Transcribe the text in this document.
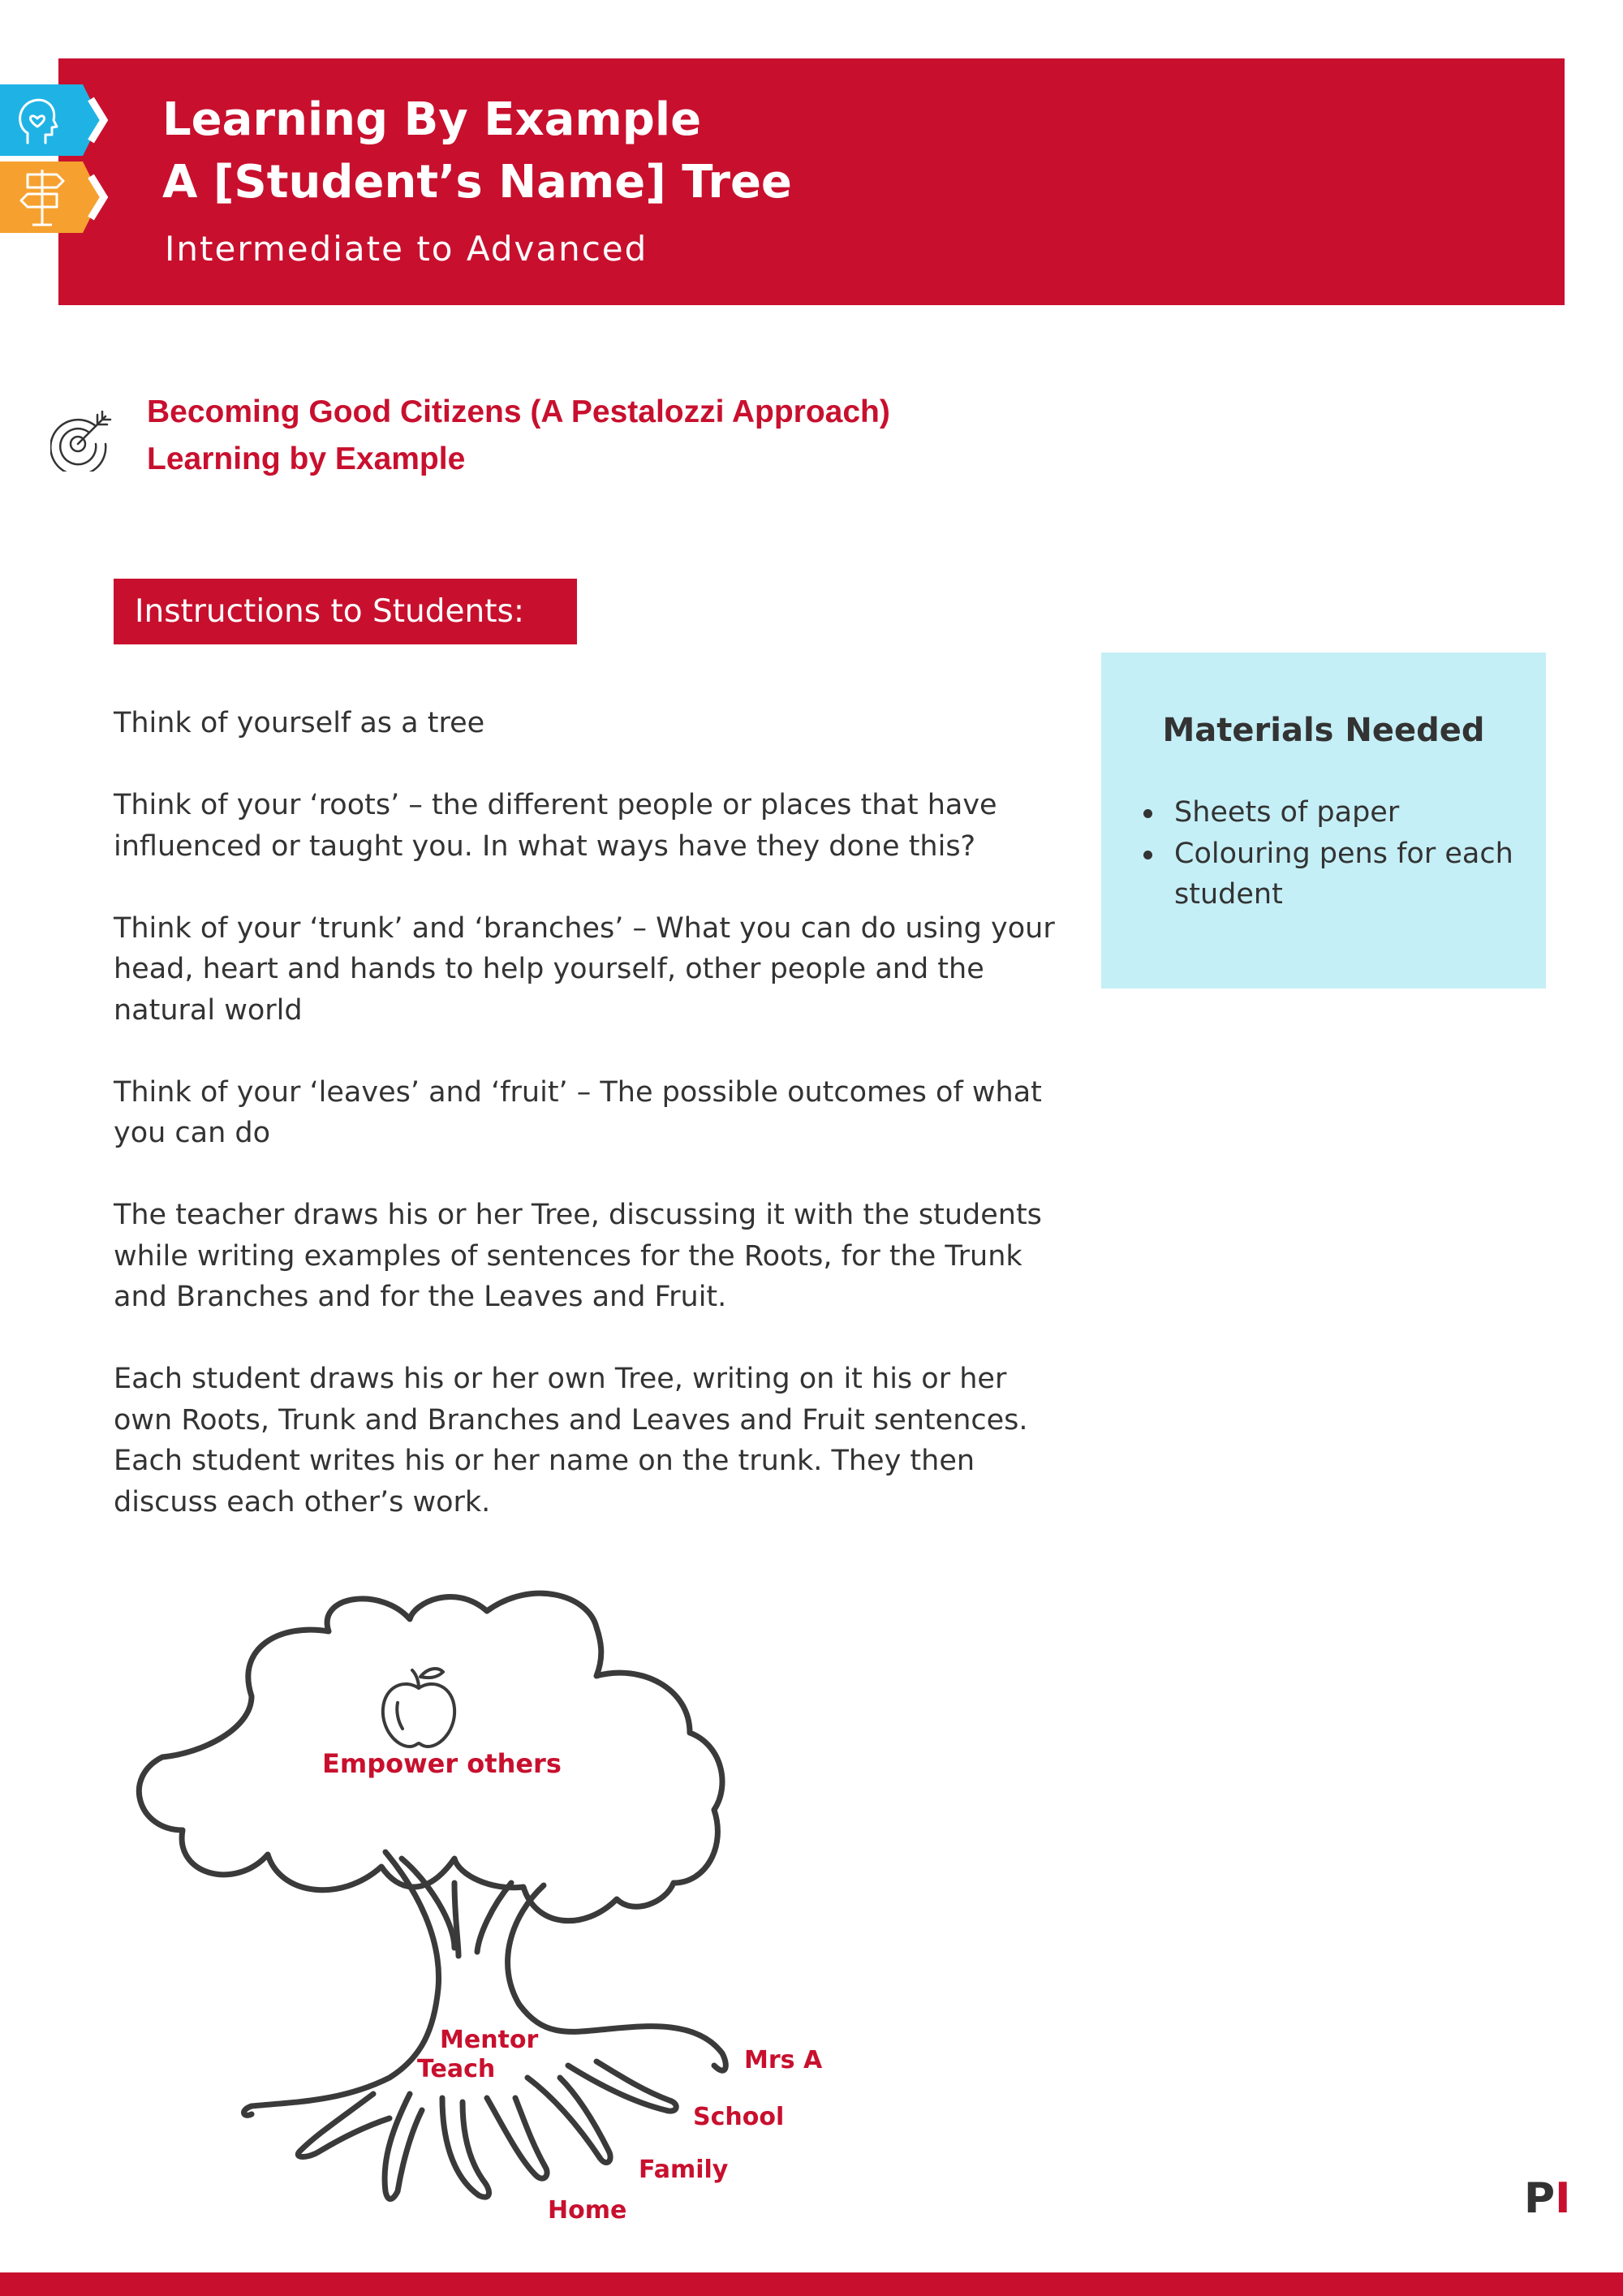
Learning By Example
A [Student’s Name] Tree
Intermediate to Advanced
Becoming Good Citizens (A Pestalozzi Approach)
Learning by Example
Instructions to Students:

Think of yourself as a tree

Think of your ‘roots’ – the different people or places that have influenced or taught you. In what ways have they done this?

Think of your ‘trunk’ and ‘branches’ – What you can do using your head, heart and hands to help yourself, other people and the natural world

Think of your ‘leaves’ and ‘fruit’ – The possible outcomes of what you can do

The teacher draws his or her Tree, discussing it with the students while writing examples of sentences for the Roots, for the Trunk and Branches and for the Leaves and Fruit.

Each student draws his or her own Tree, writing on it his or her own Roots, Trunk and Branches and Leaves and Fruit sentences. Each student writes his or her name on the trunk. They then discuss each other’s work.

Materials Needed
Sheets of paper
Colouring pens for each student
Empower others
Mentor
Teach	Mrs A
School
Family
Home	PI
